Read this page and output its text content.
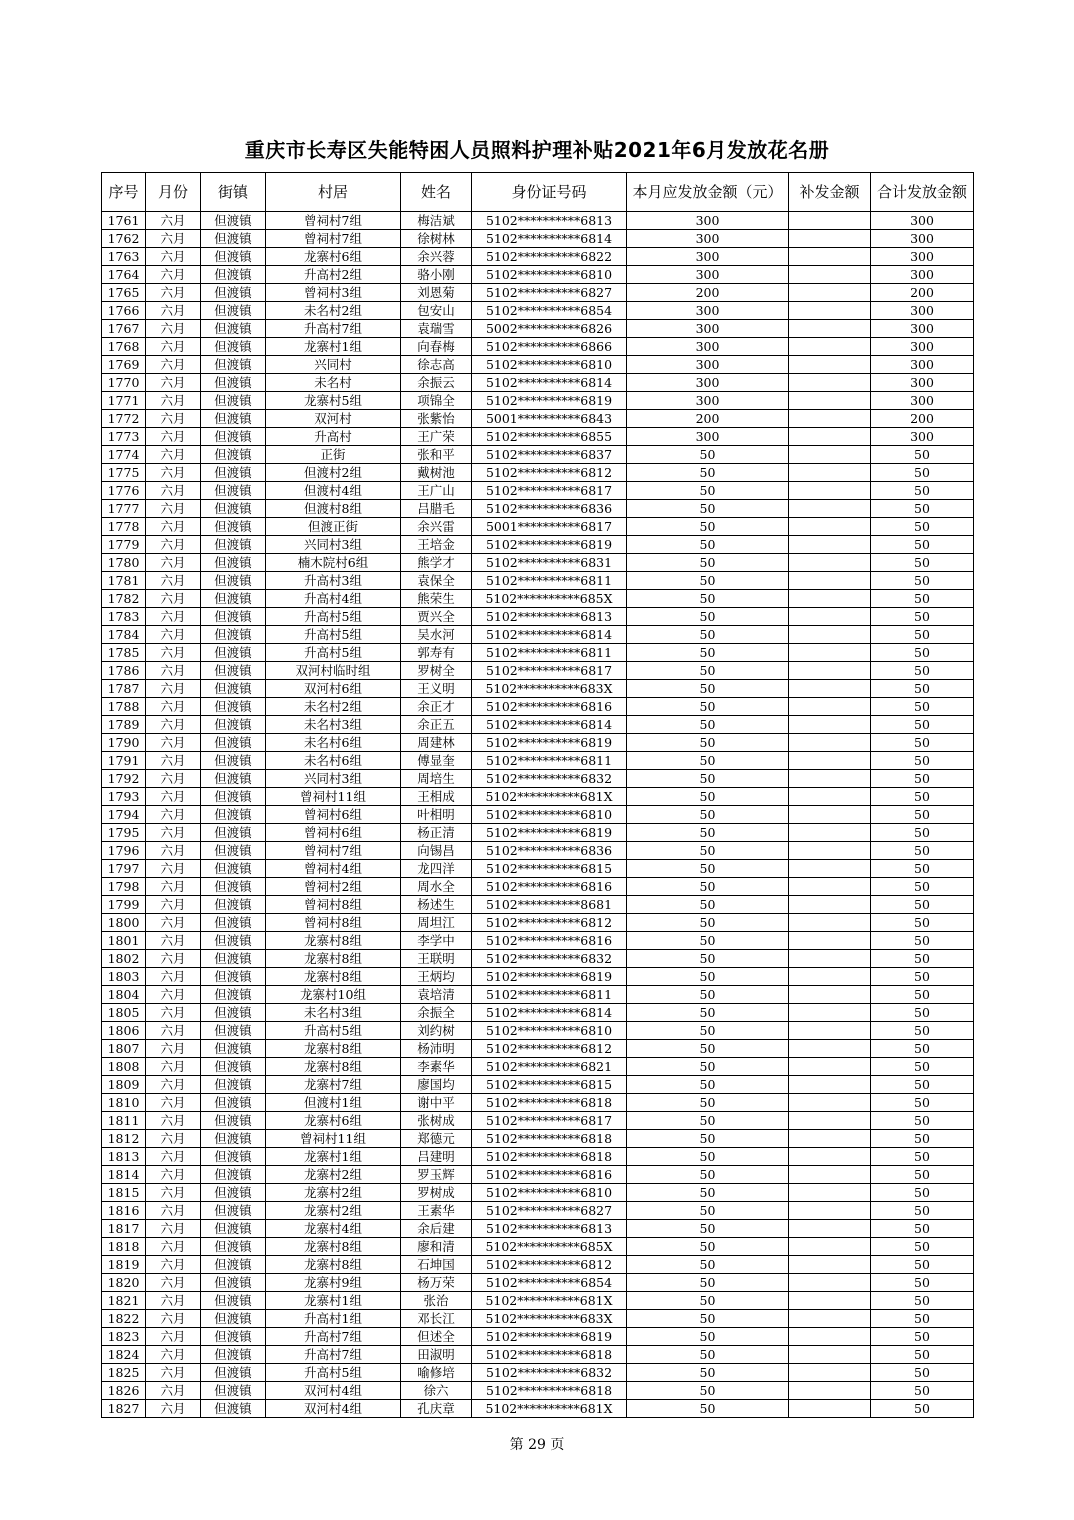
重庆市长寿区失能特困人员照料护理补贴2021年6月发放花名册
序号	月份	街镇	村居	姓名	身份证号码	本月应发放金额（元）	补发金额	合计发放金额
1761	六月	但渡镇	曾祠村7组	梅洁斌	5102**********6813	300		300
1762	六月	但渡镇	曾祠村7组	徐树林	5102**********6814	300		300
1763	六月	但渡镇	龙寨村6组	余兴蓉	5102**********6822	300		300
1764	六月	但渡镇	升高村2组	骆小刚	5102**********6810	300		300
1765	六月	但渡镇	曾祠村3组	刘恩菊	5102**********6827	200		200
1766	六月	但渡镇	未名村2组	包安山	5102**********6854	300		300
1767	六月	但渡镇	升高村7组	袁瑞雪	5002**********6826	300		300
1768	六月	但渡镇	龙寨村1组	向春梅	5102**********6866	300		300
1769	六月	但渡镇	兴同村	徐志高	5102**********6810	300		300
1770	六月	但渡镇	未名村	余振云	5102**********6814	300		300
1771	六月	但渡镇	龙寨村5组	项锦全	5102**********6819	300		300
1772	六月	但渡镇	双河村	张紫怡	5001**********6843	200		200
1773	六月	但渡镇	升高村	王广荣	5102**********6855	300		300
1774	六月	但渡镇	正街	张和平	5102**********6837	50		50
1775	六月	但渡镇	但渡村2组	戴树池	5102**********6812	50		50
1776	六月	但渡镇	但渡村4组	王广山	5102**********6817	50		50
1777	六月	但渡镇	但渡村8组	吕腊毛	5102**********6836	50		50
1778	六月	但渡镇	但渡正街	余兴雷	5001**********6817	50		50
1779	六月	但渡镇	兴同村3组	王培金	5102**********6819	50		50
1780	六月	但渡镇	楠木院村6组	熊学才	5102**********6831	50		50
1781	六月	但渡镇	升高村3组	袁保全	5102**********6811	50		50
1782	六月	但渡镇	升高村4组	熊荣生	5102**********685X	50		50
1783	六月	但渡镇	升高村5组	贾兴全	5102**********6813	50		50
1784	六月	但渡镇	升高村5组	吴水河	5102**********6814	50		50
1785	六月	但渡镇	升高村5组	郭寿有	5102**********6811	50		50
1786	六月	但渡镇	双河村临时组	罗树全	5102**********6817	50		50
1787	六月	但渡镇	双河村6组	王义明	5102**********683X	50		50
1788	六月	但渡镇	未名村2组	余正才	5102**********6816	50		50
1789	六月	但渡镇	未名村3组	余正五	5102**********6814	50		50
1790	六月	但渡镇	未名村6组	周建林	5102**********6819	50		50
1791	六月	但渡镇	未名村6组	傅显奎	5102**********6811	50		50
1792	六月	但渡镇	兴同村3组	周培生	5102**********6832	50		50
1793	六月	但渡镇	曾祠村11组	王相成	5102**********681X	50		50
1794	六月	但渡镇	曾祠村6组	叶相明	5102**********6810	50		50
1795	六月	但渡镇	曾祠村6组	杨正清	5102**********6819	50		50
1796	六月	但渡镇	曾祠村7组	向锡昌	5102**********6836	50		50
1797	六月	但渡镇	曾祠村4组	龙四洋	5102**********6815	50		50
1798	六月	但渡镇	曾祠村2组	周水全	5102**********6816	50		50
1799	六月	但渡镇	曾祠村8组	杨述生	5102**********8681	50		50
1800	六月	但渡镇	曾祠村8组	周坦江	5102**********6812	50		50
1801	六月	但渡镇	龙寨村8组	李学中	5102**********6816	50		50
1802	六月	但渡镇	龙寨村8组	王联明	5102**********6832	50		50
1803	六月	但渡镇	龙寨村8组	王炳均	5102**********6819	50		50
1804	六月	但渡镇	龙寨村10组	袁培清	5102**********6811	50		50
1805	六月	但渡镇	未名村3组	余振全	5102**********6814	50		50
1806	六月	但渡镇	升高村5组	刘约树	5102**********6810	50		50
1807	六月	但渡镇	龙寨村8组	杨沛明	5102**********6812	50		50
1808	六月	但渡镇	龙寨村8组	李素华	5102**********6821	50		50
1809	六月	但渡镇	龙寨村7组	廖国均	5102**********6815	50		50
1810	六月	但渡镇	但渡村1组	谢中平	5102**********6818	50		50
1811	六月	但渡镇	龙寨村6组	张树成	5102**********6817	50		50
1812	六月	但渡镇	曾祠村11组	郑德元	5102**********6818	50		50
1813	六月	但渡镇	龙寨村1组	吕建明	5102**********6818	50		50
1814	六月	但渡镇	龙寨村2组	罗玉辉	5102**********6816	50		50
1815	六月	但渡镇	龙寨村2组	罗树成	5102**********6810	50		50
1816	六月	但渡镇	龙寨村2组	王素华	5102**********6827	50		50
1817	六月	但渡镇	龙寨村4组	余后建	5102**********6813	50		50
1818	六月	但渡镇	龙寨村8组	廖和清	5102**********685X	50		50
1819	六月	但渡镇	龙寨村8组	石坤国	5102**********6812	50		50
1820	六月	但渡镇	龙寨村9组	杨万荣	5102**********6854	50		50
1821	六月	但渡镇	龙寨村1组	张治	5102**********681X	50		50
1822	六月	但渡镇	升高村1组	邓长江	5102**********683X	50		50
1823	六月	但渡镇	升高村7组	但述全	5102**********6819	50		50
1824	六月	但渡镇	升高村7组	田淑明	5102**********6818	50		50
1825	六月	但渡镇	升高村5组	喻修培	5102**********6832	50		50
1826	六月	但渡镇	双河村4组	徐六	5102**********6818	50		50
1827	六月	但渡镇	双河村4组	孔庆章	5102**********681X	50		50
第 29 页
